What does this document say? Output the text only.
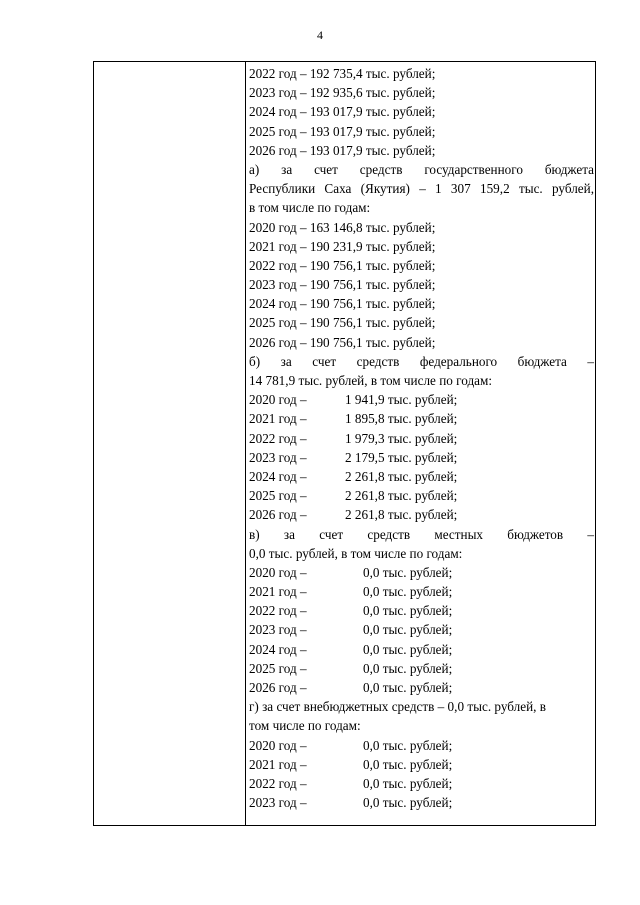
4
2022 год – 192 735,4 тыс. рублей;
2023 год – 192 935,6 тыс. рублей;
2024 год – 193 017,9 тыс. рублей;
2025 год – 193 017,9 тыс. рублей;
2026 год – 193 017,9 тыс. рублей;
а) за счет средств государственного бюджета
Республики Саха (Якутия) – 1 307 159,2 тыс. рублей,
в том числе по годам:
2020 год – 163 146,8 тыс. рублей;
2021 год – 190 231,9 тыс. рублей;
2022 год – 190 756,1 тыс. рублей;
2023 год – 190 756,1 тыс. рублей;
2024 год – 190 756,1 тыс. рублей;
2025 год – 190 756,1 тыс. рублей;
2026 год – 190 756,1 тыс. рублей;
б) за счет средств федерального бюджета –
14 781,9 тыс. рублей, в том числе по годам:
2020 год –	1 941,9 тыс. рублей;
2021 год –	1 895,8 тыс. рублей;
2022 год –	1 979,3 тыс. рублей;
2023 год –	2 179,5 тыс. рублей;
2024 год –	2 261,8 тыс. рублей;
2025 год –	2 261,8 тыс. рублей;
2026 год –	2 261,8 тыс. рублей;
в) за счет средств местных бюджетов –
0,0 тыс. рублей, в том числе по годам:
2020 год –	0,0 тыс. рублей;
2021 год –	0,0 тыс. рублей;
2022 год –	0,0 тыс. рублей;
2023 год –	0,0 тыс. рублей;
2024 год –	0,0 тыс. рублей;
2025 год –	0,0 тыс. рублей;
2026 год –	0,0 тыс. рублей;
г) за счет внебюджетных средств – 0,0 тыс. рублей, в
том числе по годам:
2020 год –	0,0 тыс. рублей;
2021 год –	0,0 тыс. рублей;
2022 год –	0,0 тыс. рублей;
2023 год –	0,0 тыс. рублей;
